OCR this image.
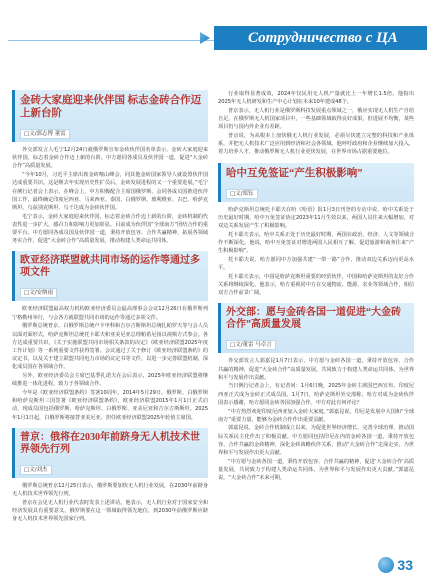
Сотрудничество с ЦА
金砖大家庭迎来伙伴国 标志金砖合作迈上新台阶
□文/郭志博 董雷

外交部发言人毛宁12月24日就俄罗斯宣布金砖伙伴国名单表示，金砖大家庭迎来伙伴国，标志着金砖合作迈上新的台阶。中方愿同各成员及伙伴国一道，促进“大金砖合作”高质量发展。

“今年10月，习近平主席出席金砖喀山峰会，同其他金砖国家领导人就设置伙伴国达成重要共识。这是继去年实现历史性扩员后，金砖发展进程的又一个重要进展。”毛宁在例行记者会上表示，在峰会上，中方积极配合主席国俄罗斯，会同各成员国推进伙伴国工作，最终确定印度尼西亚、马来西亚、泰国、白俄罗斯、玻利维亚、古巴、哈萨克斯坦、乌兹别克斯坦、乌干达成为金砖伙伴国。

毛宁表示，金砖大家庭迎来伙伴国，标志着金砖合作迈上新的台阶，金砖机制的代表性进一步扩大，感召力和影响力更加彰显。目前成为伙伴国“全球南方”团结合作的重要平台。中方愿同各成员国及伙伴国一道，秉持开放包容、合作共赢精神，拓展各领域务实合作，促进“大金砖合作”高质量发展，推动构建人类命运共同体。

欧亚经济联盟就共同市场的运作等通过多项文件
□文/安纳雨

欧亚经济联盟最高权力机构欧亚经济委员会最高理事会会议12月26日在俄罗斯列宁格勒州举行，与会各方就联盟共同市场的运作等通过多项文件。

俄罗斯总统普京、白俄罗斯总统卢卡申科和吉尔吉斯斯坦总统扎帕罗夫等与会人员以面对面形式，哈萨克斯坦总统托卡耶夫和亚美尼亚总理帕希尼扬以视频方式参会。各方达成重要共识，《关于实施联盟共同市场相关条款的决定》《欧亚经济联盟2025年度工作计划》等一系列重要文件获得签署。会议通过了关于修订《欧亚经济联盟条约》的议定书，以及关于建立联盟共同电力市场的议定书等文件，以进一步完善联盟机制，深化成员国在各领域合作。

另外，欧亚经济委员会主席巴基季扎诺夫在会后表示，2025年欧亚经济联盟将继续推进一体化进程，致力于各领域合作。

今年是《欧亚经济联盟条约》签署10周年。2014年5月29日，俄罗斯、白俄罗斯和哈萨克斯坦三国签署《欧亚经济联盟条约》，欧亚经济联盟2015年1月1日正式启动，现成员国包括俄罗斯、哈萨克斯坦、白俄罗斯、亚美尼亚和吉尔吉斯斯坦。2025年1月1日起，白俄罗斯将接替亚美尼亚，担任欧亚经济联盟2025年轮值主席国。

普京：俄将在2030年前跻身无人机技术世界领先行列
□文/刘杰

俄罗斯总统普京12月25日表示，俄罗斯要加快无人机行业发展，在2030年前跻身无人机技术世界领先行列。

普京在会见无人机行业代表时发表上述讲话。他表示，无人机行业对于国家安全和经济发展具有重要意义，俄罗斯要在这一领域取得领先地位，到2030年前俄罗斯应跻身无人机技术世界领先国家行列。

行业取得显著成效，2024年仅民用无人机产量就比上一年增长1.5倍。他指出2025年无人机研发和生产中心计划在未来10年建成48个。

普京表示，无人机行业是俄罗斯科技发展重点领域之一，俄应实现无人机生产自给自足。在俄罗斯无人机国家项目中，一些基础领域取得良好成果，但进展不均衡，某些项目仍与国内外企业有差距。

普京说，为从根本上加快俄无人机行业发展，必须尽快建立完整的科技和产业体系，并把无人机技术广泛应用到经济和社会各领域。他呼吁政府和企业继续加大投入，着力培养人才，推动俄罗斯无人机行业更快发展，在世界市场占据重要地位。

哈中互免签证“产生积极影响”
□文/郑钰

哈萨克斯坦总统托卡耶夫在哈《哈语》报1月3日刊登的专访中说，哈中关系处于历史最好时期。哈中互免签证协定2023年11月生效以来，两国人员往来大幅增加，对双边关系发展产生了积极影响。

托卡耶夫表示，哈中关系正处于历史最好时期，两国在政治、经济、人文等领域合作不断深化。他说，哈中互免签证对增进两国人民相互了解、促进旅游和商务往来“产生积极影响”。

托卡耶夫说，哈方愿同中方加强共建“一带一路”合作，推动双边关系迈向更高水平。

托卡耶夫表示，中国是哈萨克斯坦重要的经贸伙伴，中国和哈萨克斯坦的友好合作关系将继续深化。他表示，哈方重视同中方在交通物流、能源、农业等领域合作，相信双方合作前景广阔。

外交部：愿与金砖各国一道促进“大金砖合作”高质量发展
□文/董雷 马卓言

外交部发言人郭嘉昆1月7日表示，中方愿与金砖各国一道，秉持开放包容、合作共赢的精神，促进“大金砖合作”高质量发展，共同致力于构建人类命运共同体，为世界和平与发展作出贡献。

当日例行记者会上，有记者问：1月6日晚，2025年金砖主席国巴西宣布，印度尼西亚正式成为金砖正式成员国。1月7日，哈萨克斯坦外交部称，哈方对成为金砖伙伴国表示感谢，哈方愿同金砖各国加强合作。中方对此有何评论？

“中方热烈欢迎印度尼西亚加入金砖大家庭。”郭嘉昆说，印尼是发展中大国和“全球南方”重要力量，能够为金砖合作作出重要贡献。

郭嘉昆说，金砖合作机制成立以来，为促进世界经济增长、完善全球治理、推动国际关系民主化作出了积极贡献。中方愿同包括印尼在内的金砖各国一道，秉持开放包容、合作共赢的金砖精神，深化金砖战略伙伴关系，推动“大金砖合作”走深走实，为世界和平与发展作出更大贡献。

“中方愿与金砖各国一道，秉持开放包容、合作共赢的精神，促进‘大金砖合作’高质量发展，共同致力于构建人类命运共同体，为世界和平与发展作出更大贡献。”郭嘉昆说，“大金砖合作”未来可期。

33
